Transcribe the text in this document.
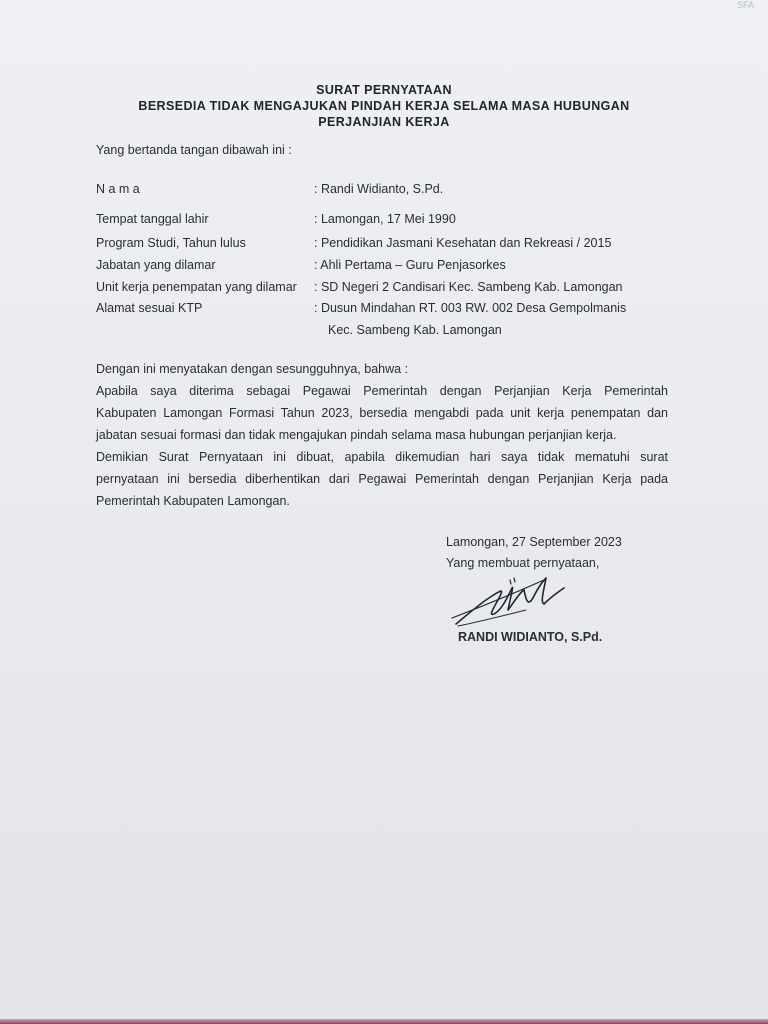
SFA
SURAT PERNYATAAN
BERSEDIA TIDAK MENGAJUKAN PINDAH KERJA SELAMA MASA HUBUNGAN
PERJANJIAN KERJA
Yang bertanda tangan dibawah ini :
N a m a	: Randi Widianto, S.Pd.
Tempat tanggal lahir	: Lamongan, 17 Mei 1990
Program Studi, Tahun lulus	: Pendidikan Jasmani Kesehatan dan Rekreasi / 2015
Jabatan yang dilamar	: Ahli Pertama – Guru Penjasorkes
Unit kerja penempatan yang dilamar	: SD Negeri 2 Candisari Kec. Sambeng Kab. Lamongan
Alamat sesuai KTP	: Dusun Mindahan RT. 003 RW. 002 Desa Gempolmanis
Kec. Sambeng Kab. Lamongan
Dengan ini menyatakan dengan sesungguhnya, bahwa :
Apabila saya diterima sebagai Pegawai Pemerintah dengan Perjanjian Kerja Pemerintah
Kabupaten Lamongan Formasi Tahun 2023, bersedia mengabdi pada unit kerja penempatan dan
jabatan sesuai formasi dan tidak mengajukan pindah selama masa hubungan perjanjian kerja.
Demikian Surat Pernyataan ini dibuat, apabila dikemudian hari saya tidak mematuhi surat
pernyataan ini bersedia diberhentikan dari Pegawai Pemerintah dengan Perjanjian Kerja pada
Pemerintah Kabupaten Lamongan.
Lamongan, 27 September 2023
Yang membuat pernyataan,
RANDI WIDIANTO, S.Pd.
